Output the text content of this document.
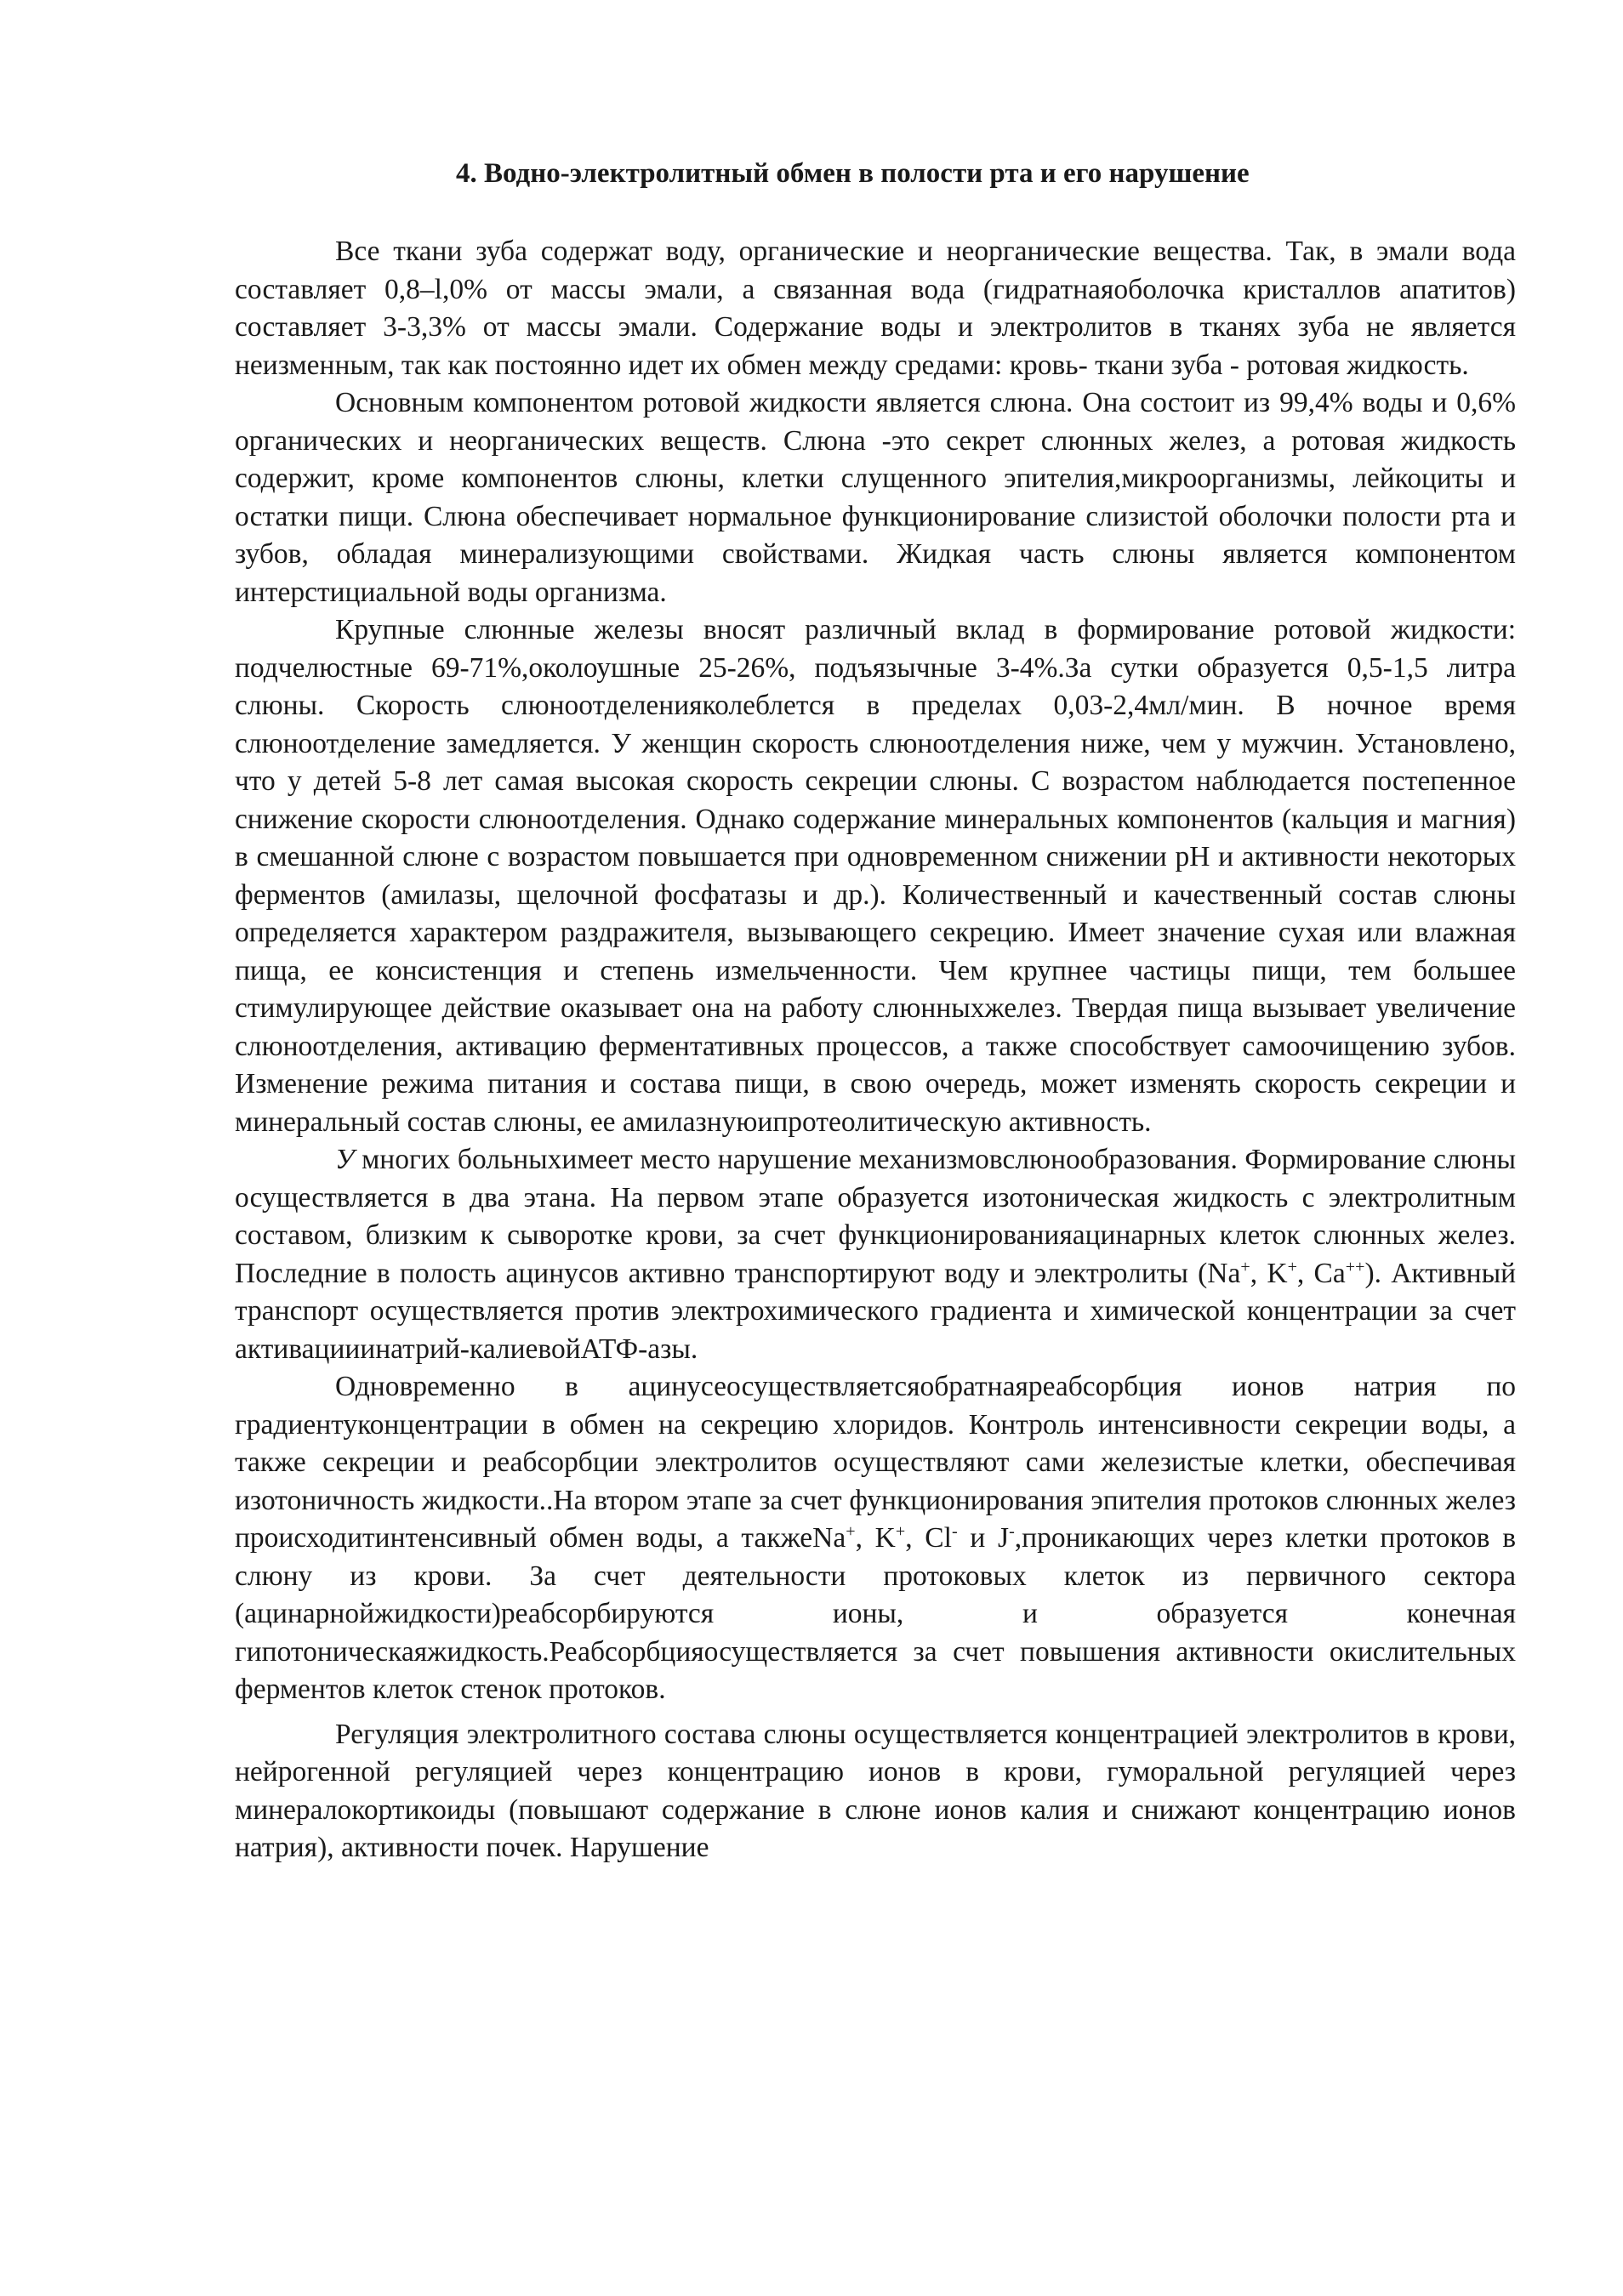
4. Водно-электролитный обмен в полости рта и его нарушение

Все ткани зуба содержат воду, органические и неорганические вещества. Так, в эмали вода составляет 0,8–l,0% от массы эмали, а связанная вода (гидратнаяоболочка кристаллов апатитов) составляет 3-3,3% от массы эмали. Содержание воды и электролитов в тканях зуба не является неизменным, так как постоянно идет их обмен между средами: кровь- ткани зуба - ротовая жидкость.

Основным компонентом ротовой жидкости является слюна. Она состоит из 99,4% воды и 0,6% органических и неорганических веществ. Слюна -это секрет слюнных желез, а ротовая жидкость содержит, кроме компонентов слюны, клетки слущенного эпителия,микроорганизмы, лейкоциты и остатки пищи. Слюна обеспечивает нормальное функционирование слизистой оболочки полости рта и зубов, обладая минерализующими свойствами. Жидкая часть слюны является компонентом интерстициальной воды организма.

Крупные слюнные железы вносят различный вклад в формирование ротовой жидкости: подчелюстные 69-71%,околоушные 25-26%, подъязычные 3-4%.За сутки образуется 0,5-1,5 литра слюны. Скорость слюноотделенияколеблется в пределах 0,03-2,4мл/мин. В ночное время слюноотделение замедляется. У женщин скорость слюноотделения ниже, чем у мужчин. Установлено, что у детей 5-8 лет самая высокая скорость секреции слюны. С возрастом наблюдается постепенное снижение скорости слюноотделения. Однако содержание минеральных компонентов (кальция и магния) в смешанной слюне с возрастом повышается при одновременном снижении pH и активности некоторых ферментов (амилазы, щелочной фосфатазы и др.). Количественный и качественный состав слюны определяется характером раздражителя, вызывающего секрецию. Имеет значение сухая или влажная пища, ее консистенция и степень измельченности. Чем крупнее частицы пищи, тем большее стимулирующее действие оказывает она на работу слюнныхжелез. Твердая пища вызывает увеличение слюноотделения, активацию ферментативных процессов, а также способствует самоочищению зубов. Изменение режима питания и состава пищи, в свою очередь, может изменять скорость секреции и минеральный состав слюны, ее амилазнуюипротеолитическую активность.

У многих больныхимеет место нарушение механизмовслюнообразования. Формирование слюны осуществляется в два этана. На первом этапе образуется изотоническая жидкость с электролитным составом, близким к сыворотке крови, за счет функционированияацинарных клеток слюнных желез. Последние в полость ацинусов активно транспортируют воду и электролиты (Na+, K+, Ca++). Активный транспорт осуществляется против электрохимического градиента и химической концентрации за счет активацииинатрий-калиевойАТФ-азы.

Одновременно в ацинусеосуществляетсяобратнаяреабсорбция ионов натрия по градиентуконцентрации в обмен на секрецию хлоридов. Контроль интенсивности секреции воды, а также секреции и реабсорбции электролитов осуществляют сами железистые клетки, обеспечивая изотоничность жидкости..На втором этапе за счет функционирования эпителия протоков слюнных желез происходитинтенсивный обмен воды, а такжеNa+, K+, Cl- и J-,проникающих через клетки протоков в слюну из крови. За счет деятельности протоковых клеток из первичного сектора (ацинарнойжидкости)реабсорбируются ионы, и образуется конечная гипотоническаяжидкость.Реабсорбцияосуществляется за счет повышения активности окислительных ферментов клеток стенок протоков.

Регуляция электролитного состава слюны осуществляется концентрацией электролитов в крови, нейрогенной регуляцией через концентрацию ионов в крови, гуморальной регуляцией через минералокортикоиды (повышают содержание в слюне ионов калия и снижают концентрацию ионов натрия), активности почек. Нарушение
